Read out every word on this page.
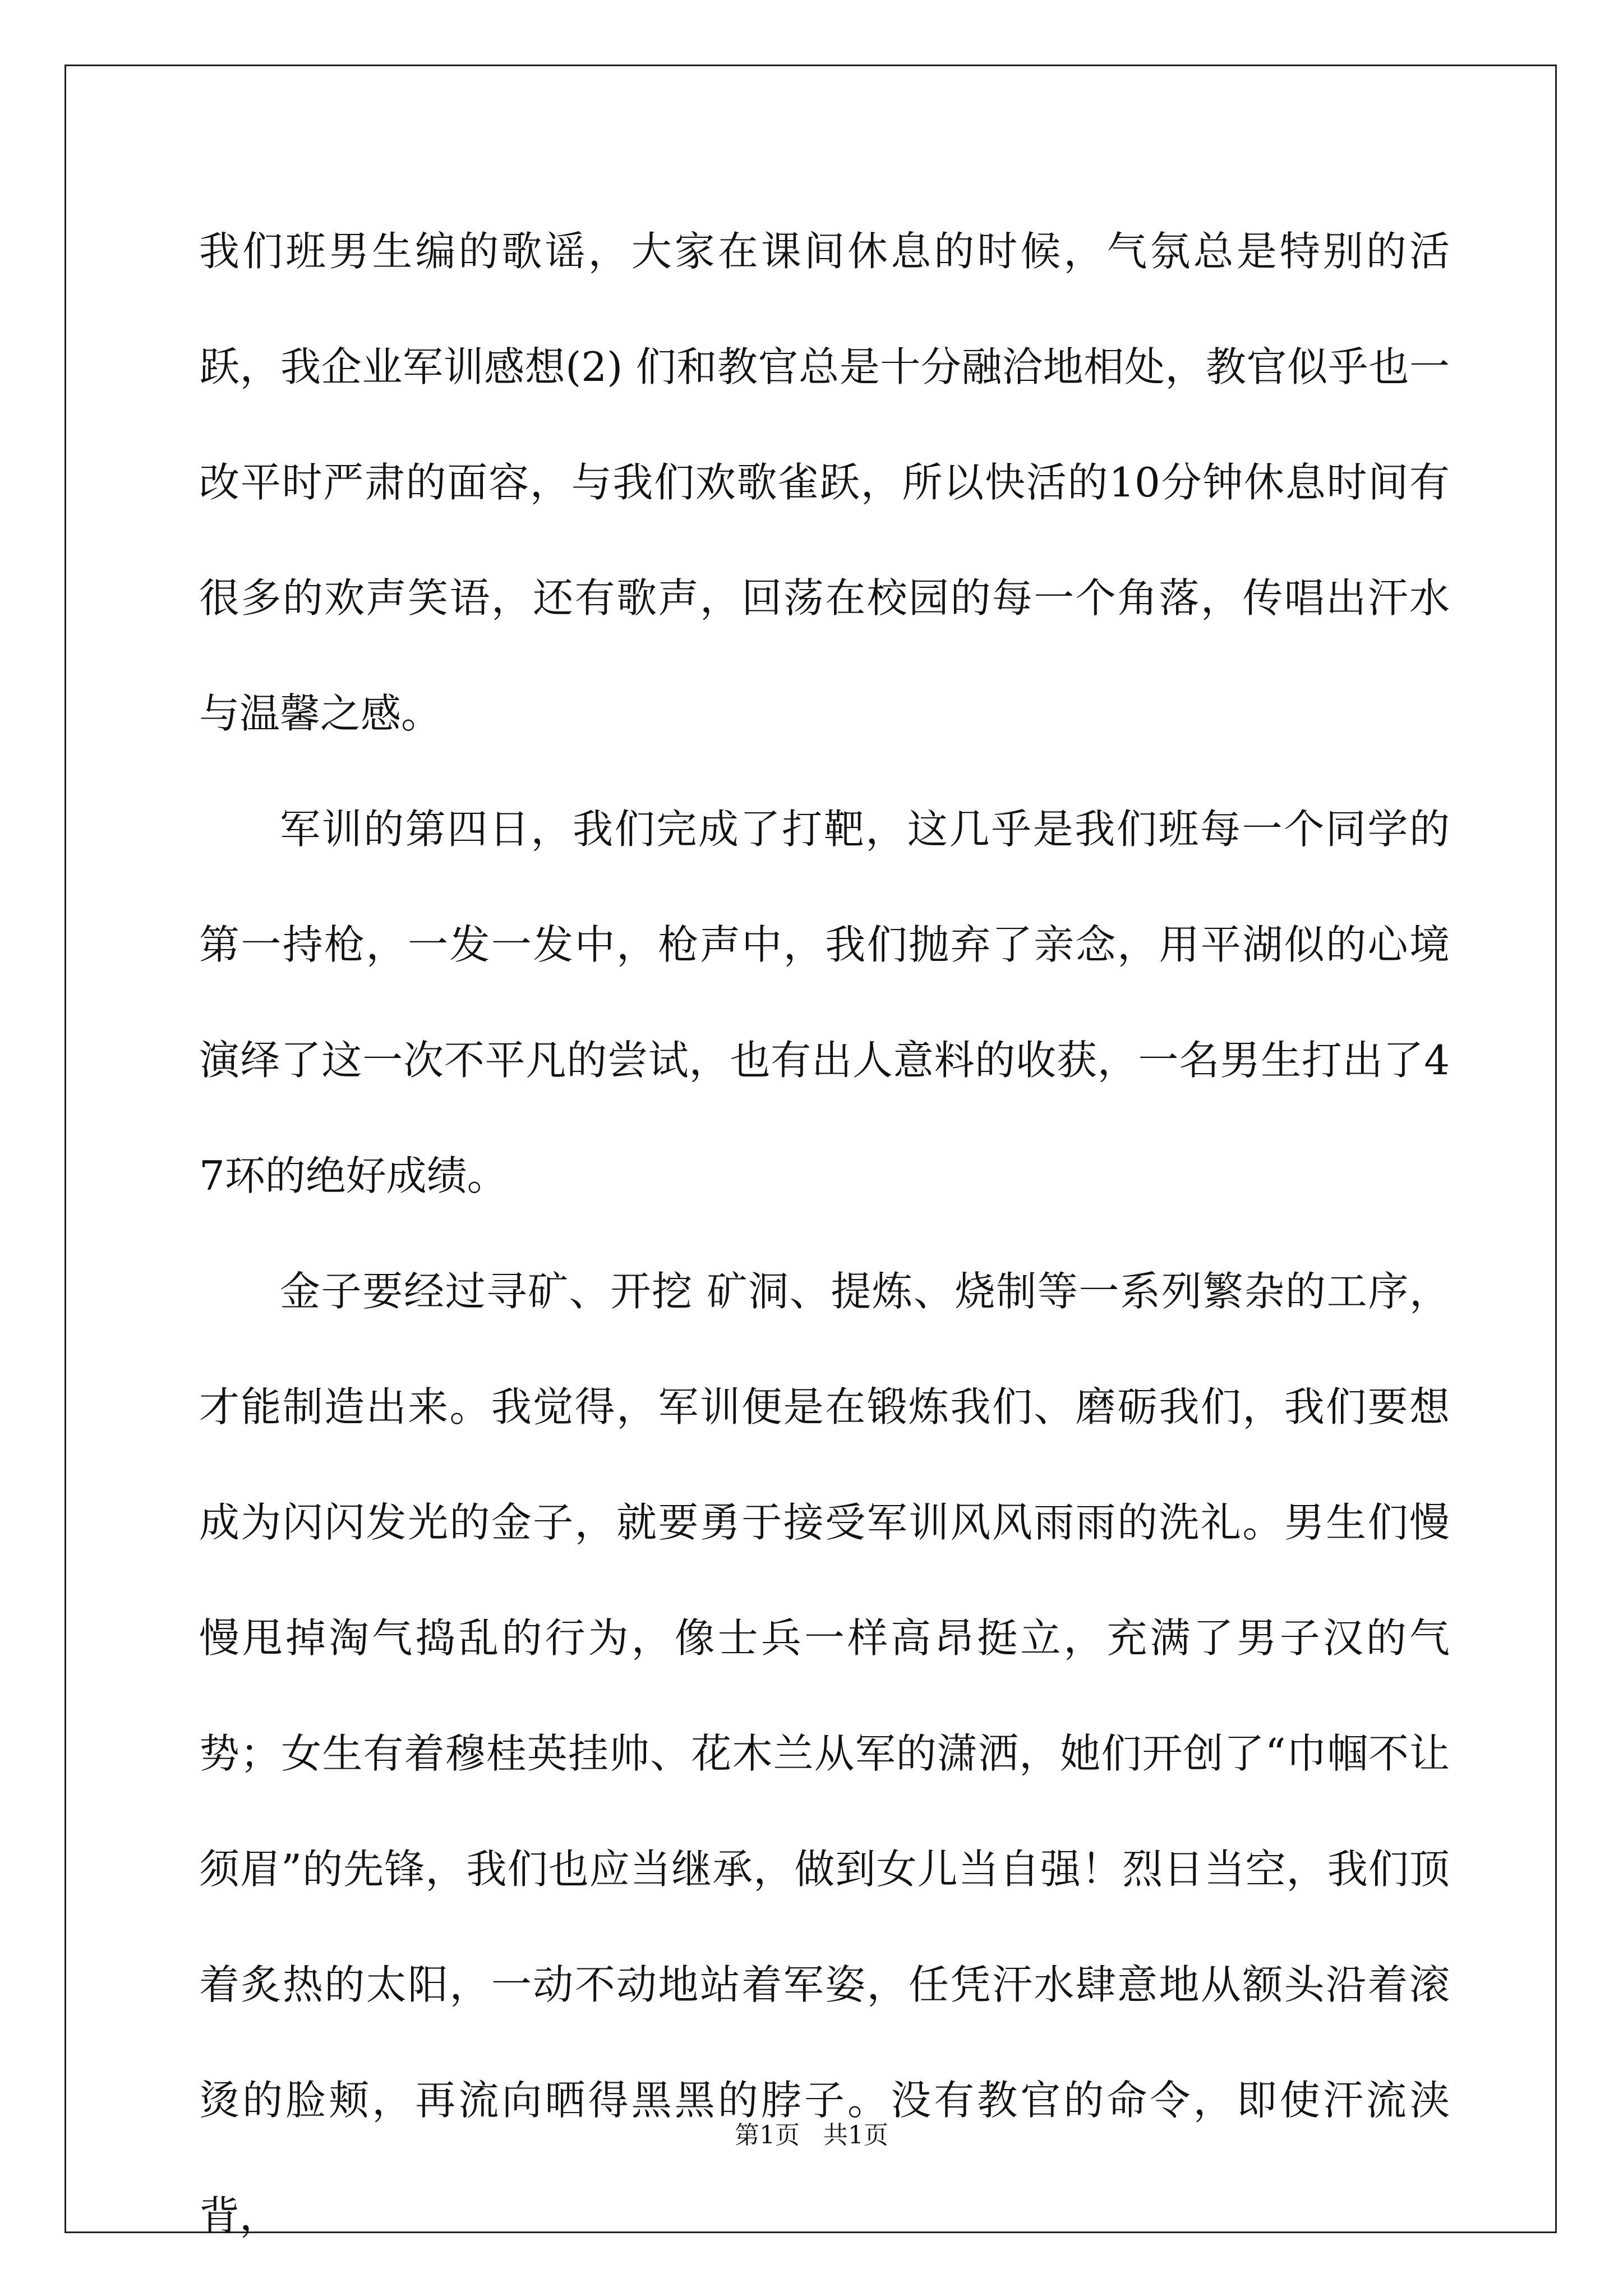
我们班男生编的歌谣，大家在课间休息的时候，气氛总是特别的活跃，我企业军训感想(2) 们和教官总是十分融洽地相处，教官似乎也一改平时严肃的面容，与我们欢歌雀跃，所以快活的10分钟休息时间有很多的欢声笑语，还有歌声，回荡在校园的每一个角落，传唱出汗水与温馨之感。

军训的第四日，我们完成了打靶，这几乎是我们班每一个同学的第一持枪，一发一发中，枪声中，我们抛弃了亲念，用平湖似的心境演绎了这一次不平凡的尝试，也有出人意料的收获，一名男生打出了47环的绝好成绩。

金子要经过寻矿、开挖 矿洞、提炼、烧制等一系列繁杂的工序，才能制造出来。我觉得，军训便是在锻炼我们、磨砺我们，我们要想成为闪闪发光的金子，就要勇于接受军训风风雨雨的洗礼。男生们慢慢甩掉淘气捣乱的行为，像士兵一样高昂挺立，充满了男子汉的气势；女生有着穆桂英挂帅、花木兰从军的潇洒，她们开创了“巾帼不让须眉”的先锋，我们也应当继承，做到女儿当自强！烈日当空，我们顶着炙热的太阳，一动不动地站着军姿，任凭汗水肆意地从额头沿着滚烫的脸颊，再流向晒得黑黑的脖子。没有教官的命令，即使汗流浃背，

第1页   共1页
